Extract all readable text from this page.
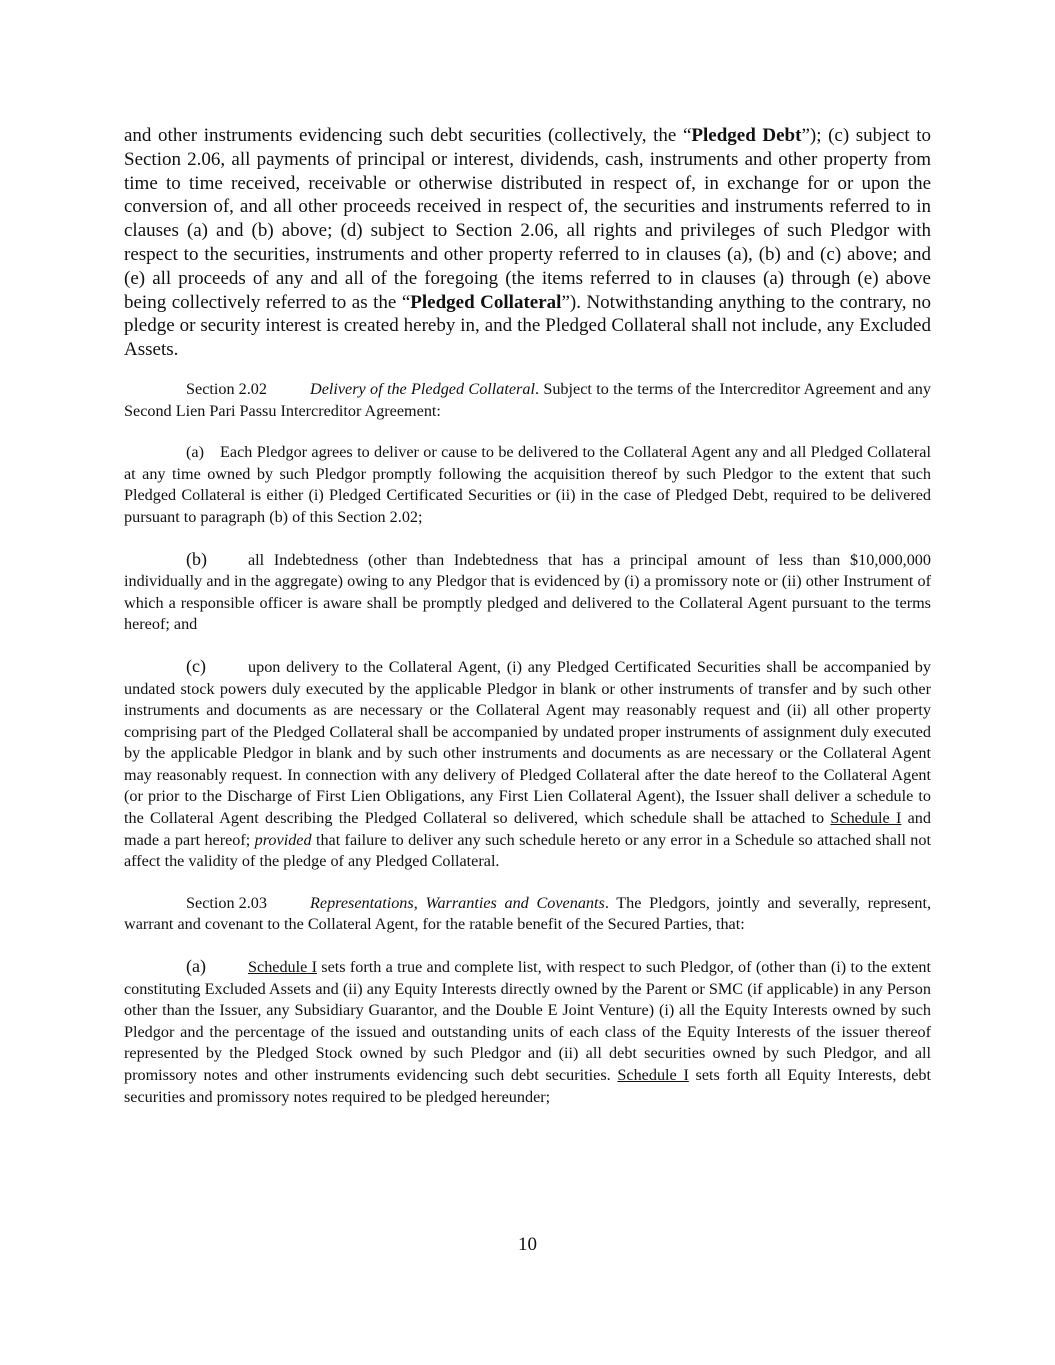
and other instruments evidencing such debt securities (collectively, the “Pledged Debt”); (c) subject to Section 2.06, all payments of principal or interest, dividends, cash, instruments and other property from time to time received, receivable or otherwise distributed in respect of, in exchange for or upon the conversion of, and all other proceeds received in respect of, the securities and instruments referred to in clauses (a) and (b) above; (d) subject to Section 2.06, all rights and privileges of such Pledgor with respect to the securities, instruments and other property referred to in clauses (a), (b) and (c) above; and (e) all proceeds of any and all of the foregoing (the items referred to in clauses (a) through (e) above being collectively referred to as the “Pledged Collateral”). Notwithstanding anything to the contrary, no pledge or security interest is created hereby in, and the Pledged Collateral shall not include, any Excluded Assets.

Section 2.02	Delivery of the Pledged Collateral. Subject to the terms of the Intercreditor Agreement and any Second Lien Pari Passu Intercreditor Agreement:

(a) Each Pledgor agrees to deliver or cause to be delivered to the Collateral Agent any and all Pledged Collateral at any time owned by such Pledgor promptly following the acquisition thereof by such Pledgor to the extent that such Pledged Collateral is either (i) Pledged Certificated Securities or (ii) in the case of Pledged Debt, required to be delivered pursuant to paragraph (b) of this Section 2.02;

(b)	all Indebtedness (other than Indebtedness that has a principal amount of less than $10,000,000 individually and in the aggregate) owing to any Pledgor that is evidenced by (i) a promissory note or (ii) other Instrument of which a responsible officer is aware shall be promptly pledged and delivered to the Collateral Agent pursuant to the terms hereof; and

(c)	upon delivery to the Collateral Agent, (i) any Pledged Certificated Securities shall be accompanied by undated stock powers duly executed by the applicable Pledgor in blank or other instruments of transfer and by such other instruments and documents as are necessary or the Collateral Agent may reasonably request and (ii) all other property comprising part of the Pledged Collateral shall be accompanied by undated proper instruments of assignment duly executed by the applicable Pledgor in blank and by such other instruments and documents as are necessary or the Collateral Agent may reasonably request. In connection with any delivery of Pledged Collateral after the date hereof to the Collateral Agent (or prior to the Discharge of First Lien Obligations, any First Lien Collateral Agent), the Issuer shall deliver a schedule to the Collateral Agent describing the Pledged Collateral so delivered, which schedule shall be attached to Schedule I and made a part hereof; provided that failure to deliver any such schedule hereto or any error in a Schedule so attached shall not affect the validity of the pledge of any Pledged Collateral.

Section 2.03	Representations, Warranties and Covenants. The Pledgors, jointly and severally, represent, warrant and covenant to the Collateral Agent, for the ratable benefit of the Secured Parties, that:

(a)	Schedule I sets forth a true and complete list, with respect to such Pledgor, of (other than (i) to the extent constituting Excluded Assets and (ii) any Equity Interests directly owned by the Parent or SMC (if applicable) in any Person other than the Issuer, any Subsidiary Guarantor, and the Double E Joint Venture) (i) all the Equity Interests owned by such Pledgor and the percentage of the issued and outstanding units of each class of the Equity Interests of the issuer thereof represented by the Pledged Stock owned by such Pledgor and (ii) all debt securities owned by such Pledgor, and all promissory notes and other instruments evidencing such debt securities. Schedule I sets forth all Equity Interests, debt securities and promissory notes required to be pledged hereunder;

10
